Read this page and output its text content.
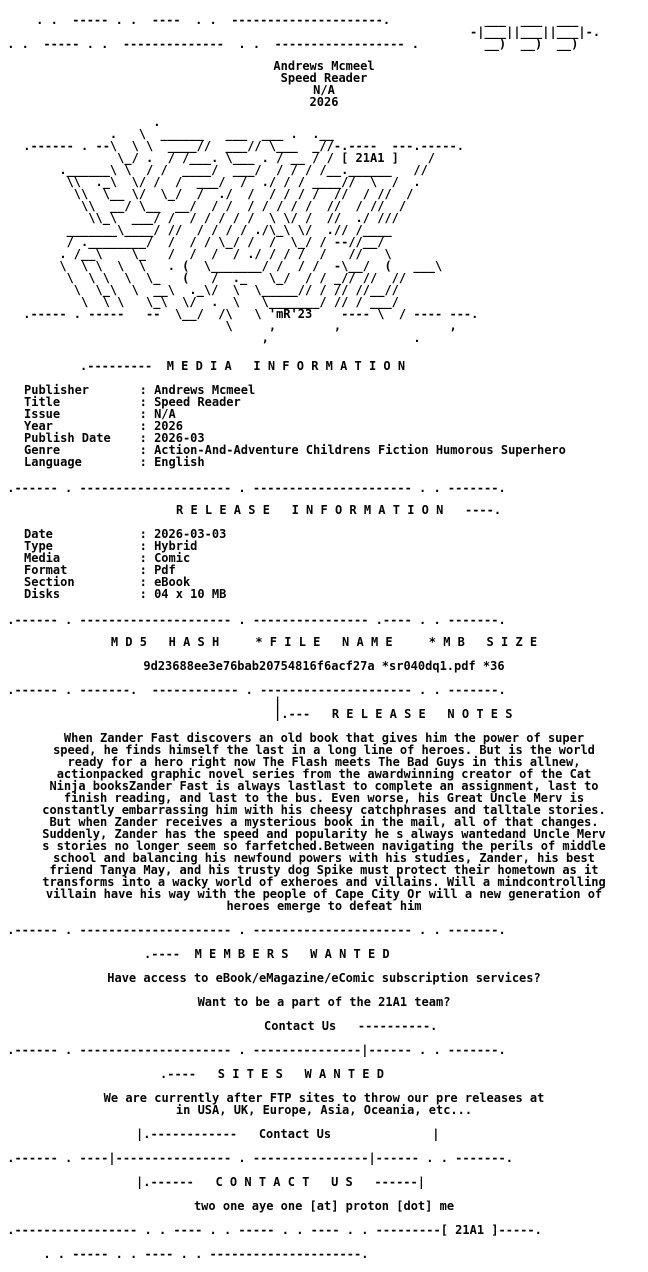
. .  ----- . .  ----  . .  ---------------------.
. .  ----- . .  --------------  . .  ------------------ .
___  ___  ___
-|___||___||___|-.
__)  __)  __)
Andrews Mcmeel
Speed Reader
N/A
2026
.
.   \  ______   ___  ___ .  .__
.------ . --\  \ \  ____//  ___// \___  _//-.----  ---.-----.
\_/ .  / /___. \___ . / __ / / [ 21A1 ]    /
.______\ \  / /  ____/  ___/  / / / /__.______   //
\\  ._\  \/ /  /  ___/  /  ./ / / ____//  \  /  .
\\  \__ \/  \_/  /  ./  /  / / / /  //  / //  /
\\  __/ \__  __/  / /  / / / / /  //  / //  /
\\_\  ___/ /  / / / / /  \ \/ /  //  ./ ///
_______\____/ //  / / / / ./\_\ \/  .// /____
/ .________/  /  / / \_/ /  /  \_/ / --//__/
. /__\    \_   /  /  /  / ./ / / /  /   //   \
\  \ \  \  \   . (  \_______/ /  / /  -\__/  (   ___\
\  \ \  \  \_   (   /  ._   \_/  / / _// //  //
\  \_\  \  __\  ._\/  \  \_____// / // //__//
\  \ \   \_\  \/  .  \   \_______/ // / ___/
.----- . -----   --  \__/  /\   \ 'mR'23    ---- \  / ---- ---.
\     ,        ,               ,
,                    .
.---------  M E D I A   I N F O R M A T I O N
Publisher       : Andrews Mcmeel
Title           : Speed Reader
Issue           : N/A
Year            : 2026
Publish Date    : 2026-03
Genre           : Action-And-Adventure Childrens Fiction Humorous Superhero
Language        : English
.------ . --------------------- . ---------------------- . . -------.
R E L E A S E   I N F O R M A T I O N   ----.
Date            : 2026-03-03
Type            : Hybrid
Media           : Comic
Format          : Pdf
Section         : eBook
Disks           : 04 x 10 MB
.------ . --------------------- . ---------------- .---- . . -------.
M D 5   H A S H     * F I L E   N A M E     * M B   S I Z E
9d23688ee3e76bab20754816f6acf27a *sr040dq1.pdf *36
.------ . -------.  ------------ . --------------------- . . -------.
|
|.---   R E L E A S E   N O T E S
When Zander Fast discovers an old book that gives him the power of super
speed, he finds himself the last in a long line of heroes. But is the world
ready for a hero right now The Flash meets The Bad Guys in this allnew,
actionpacked graphic novel series from the awardwinning creator of the Cat
Ninja booksZander Fast is always lastlast to complete an assignment, last to
finish reading, and last to the bus. Even worse, his Great Uncle Merv is
constantly embarrassing him with his cheesy catchphrases and talltale stories.
But when Zander receives a mysterious book in the mail, all of that changes.
Suddenly, Zander has the speed and popularity he s always wantedand Uncle Merv
s stories no longer seem so farfetched.Between navigating the perils of middle
school and balancing his newfound powers with his studies, Zander, his best
friend Tanya May, and his trusty dog Spike must protect their hometown as it
transforms into a wacky world of exheroes and villains. Will a mindcontrolling
villain have his way with the people of Cape City Or will a new generation of
heroes emerge to defeat him
.------ . --------------------- . ---------------------- . . -------.
.----  M E M B E R S   W A N T E D
Have access to eBook/eMagazine/eComic subscription services?
Want to be a part of the 21A1 team?
Contact Us   ----------.
.------ . --------------------- . ---------------|------ . . -------.
.----   S I T E S   W A N T E D
We are currently after FTP sites to throw our pre releases at
in USA, UK, Europe, Asia, Oceania, etc...
|.------------   Contact Us              |
.------ . ----|---------------- . ----------------|------ . . -------.
|.------   C O N T A C T   U S   ------|
two one aye one [at] proton [dot] me
.----------------- . . ---- . . ----- . . ---- . . ---------[ 21A1 ]-----.
. . ----- . . ---- . . ---------------------.
